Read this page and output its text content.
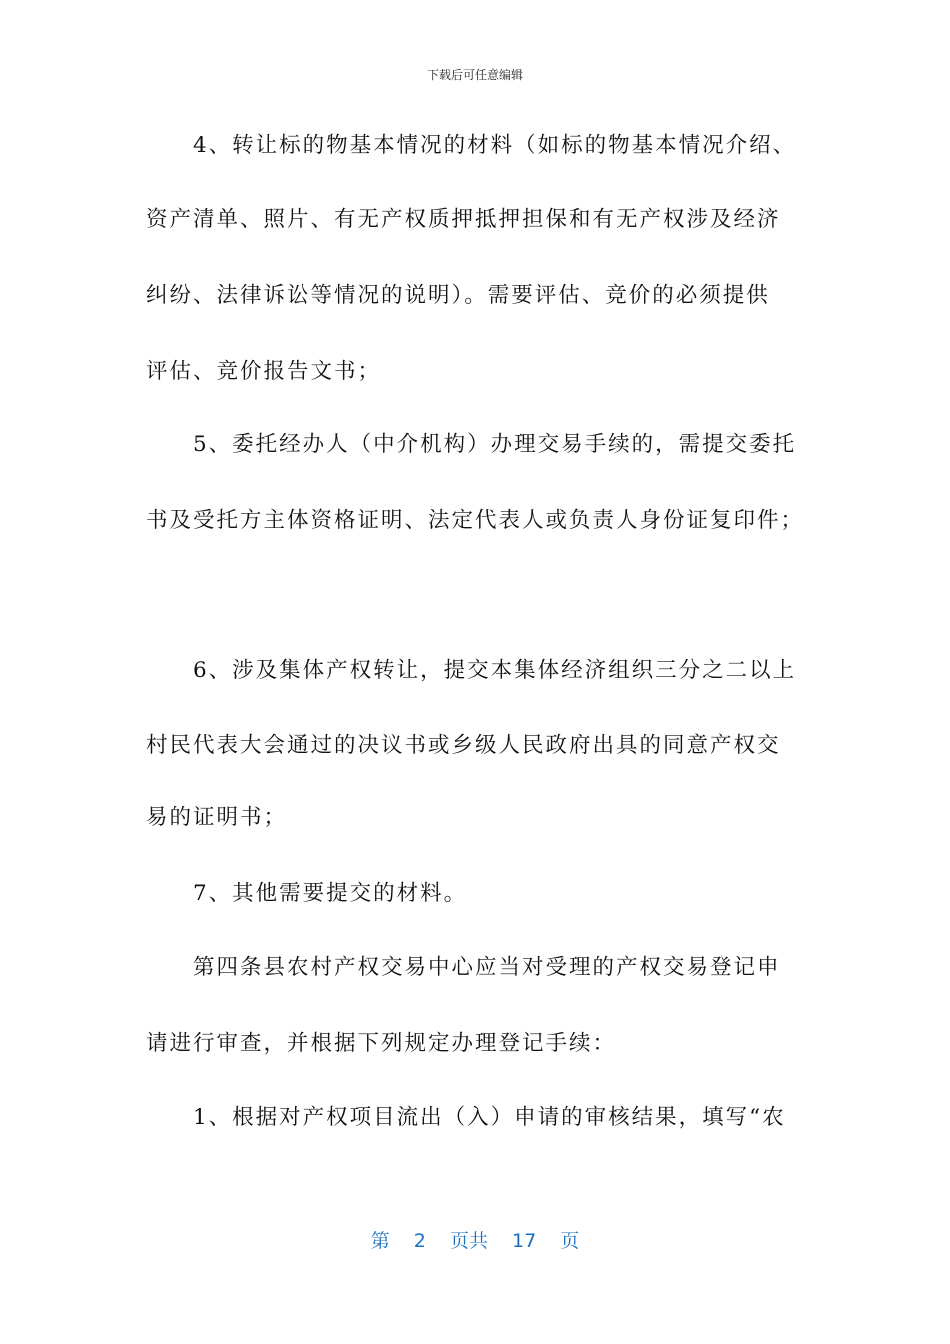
下载后可任意编辑
4、转让标的物基本情况的材料（如标的物基本情况介绍、
资产清单、照片、有无产权质押抵押担保和有无产权涉及经济
纠纷、法律诉讼等情况的说明）。需要评估、竞价的必须提供
评估、竞价报告文书；
5、委托经办人（中介机构）办理交易手续的，需提交委托
书及受托方主体资格证明、法定代表人或负责人身份证复印件；
6、涉及集体产权转让，提交本集体经济组织三分之二以上
村民代表大会通过的决议书或乡级人民政府出具的同意产权交
易的证明书；
7、其他需要提交的材料。
第四条县农村产权交易中心应当对受理的产权交易登记申
请进行审查，并根据下列规定办理登记手续：
1、根据对产权项目流出（入）申请的审核结果，填写“农
第 2 页共 17 页
